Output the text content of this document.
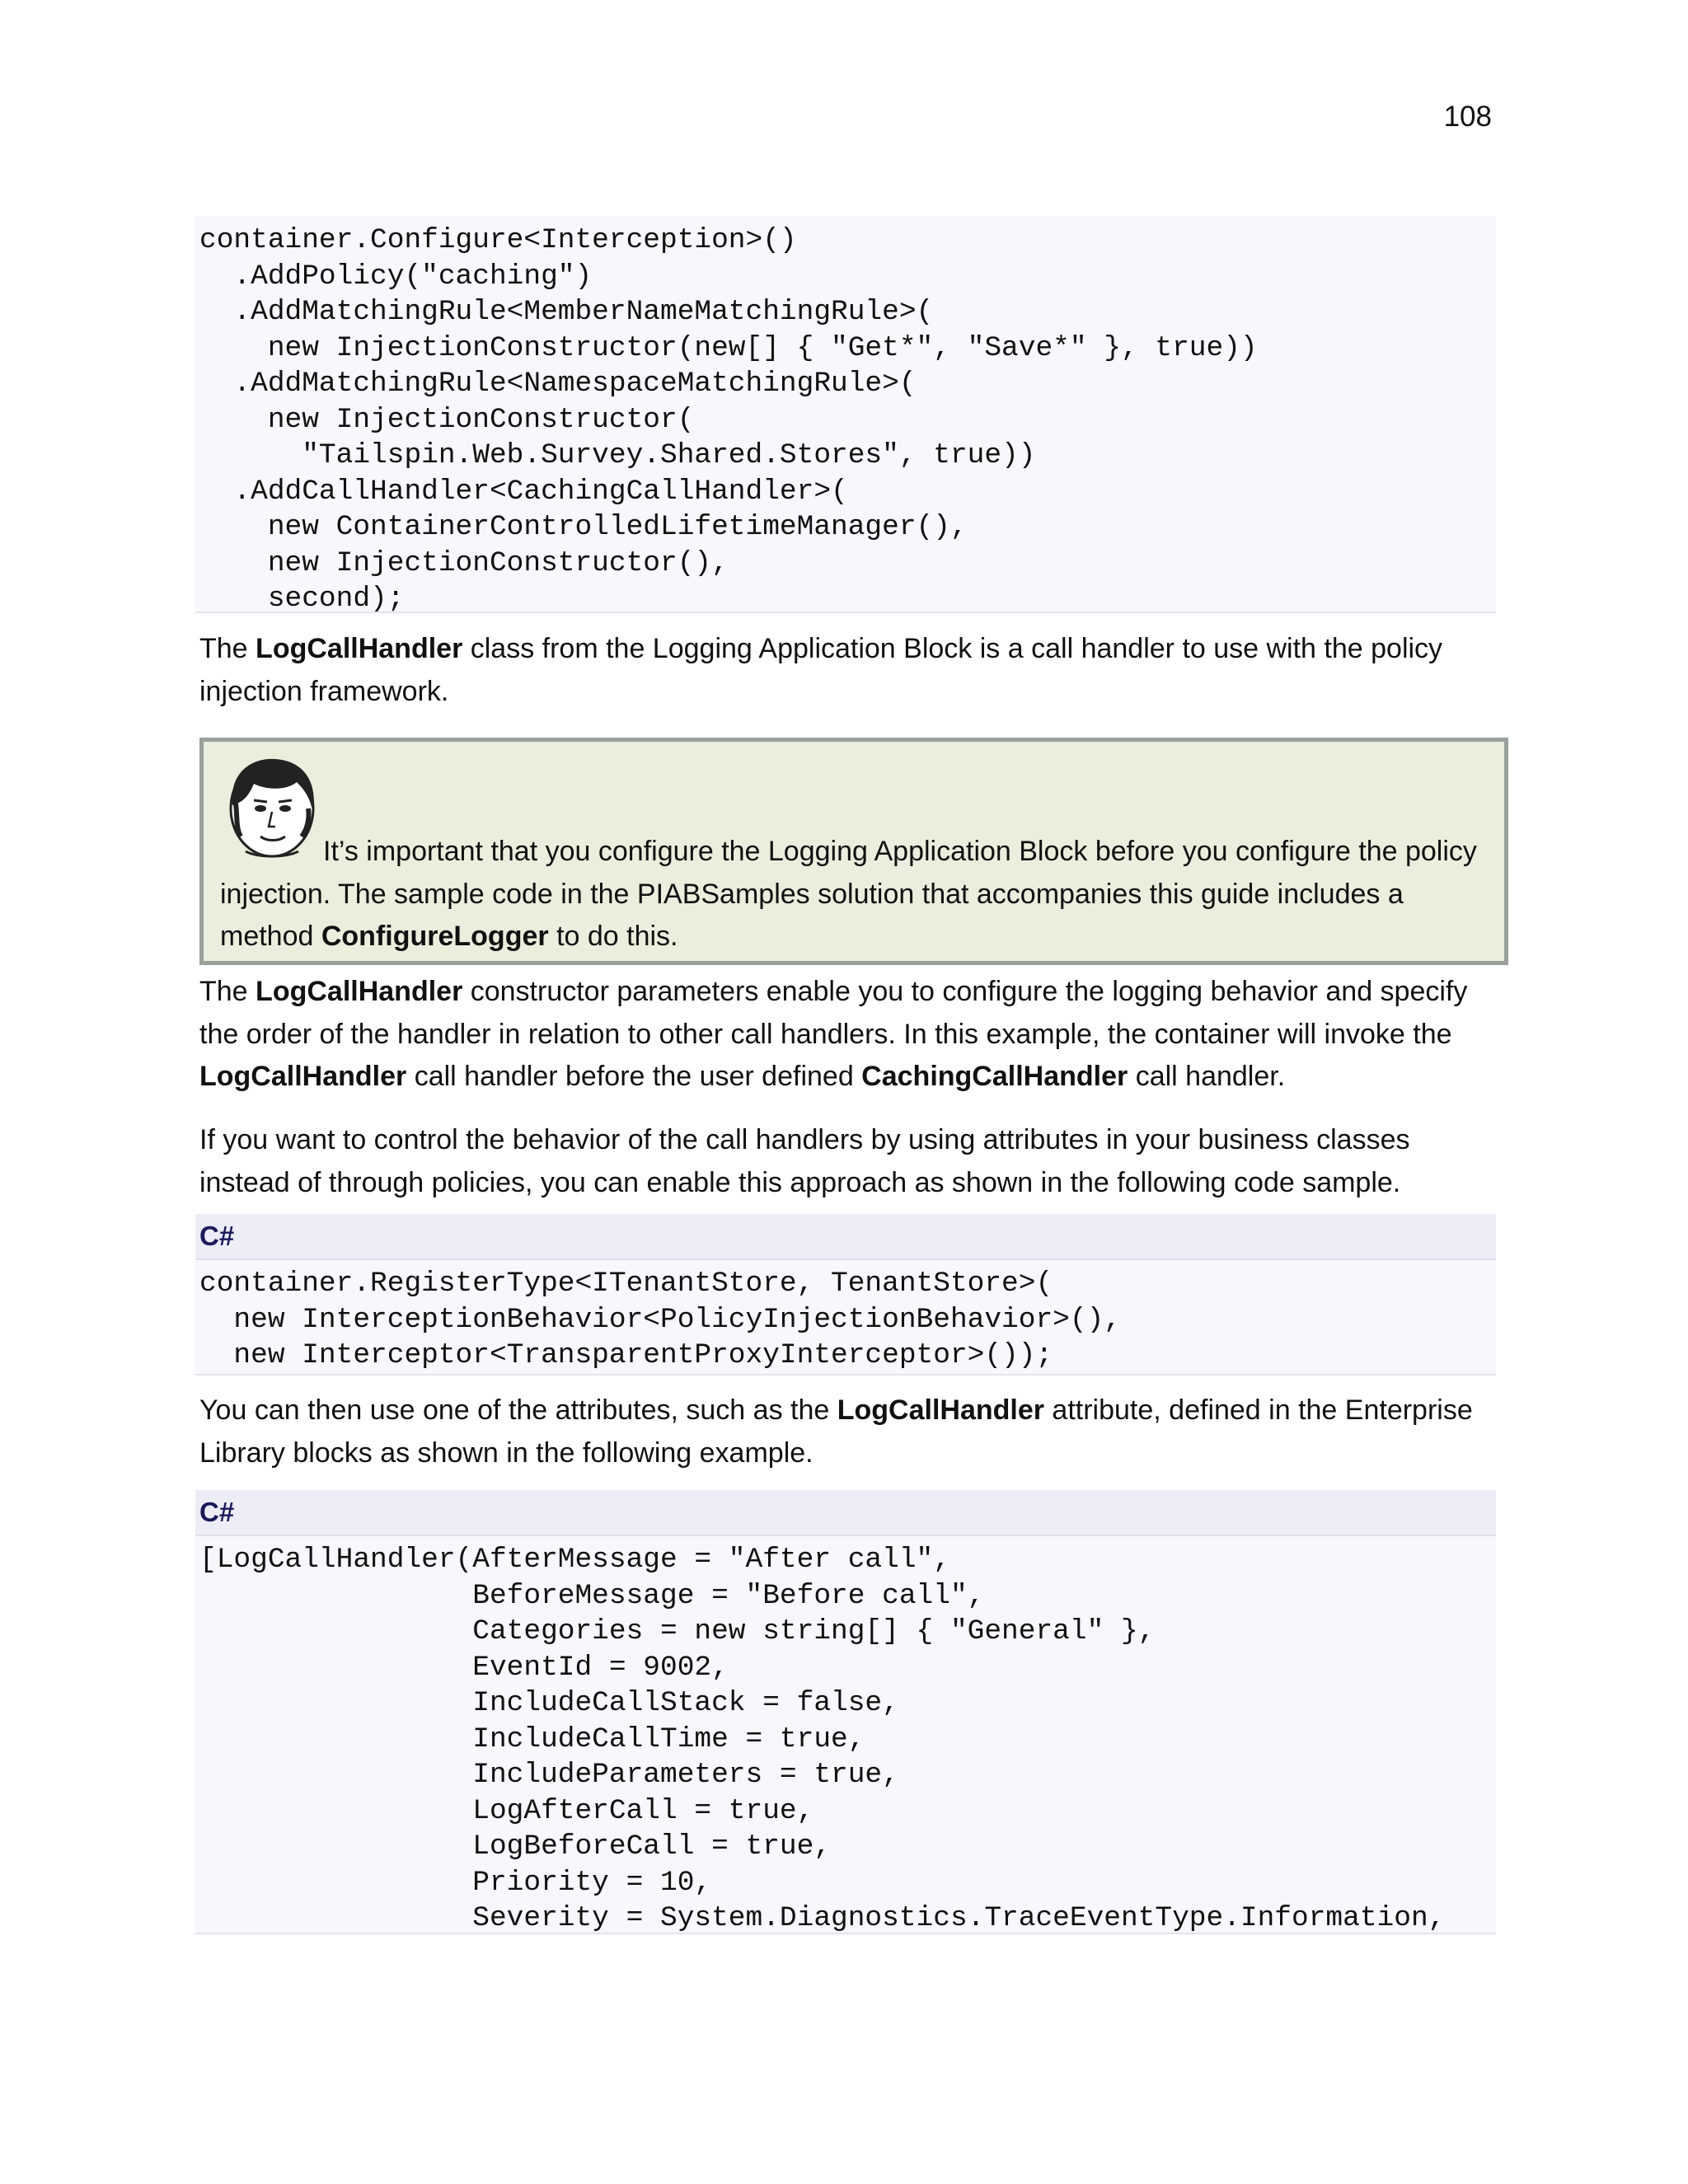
108
container.Configure<Interception>()
.AddPolicy("caching")
.AddMatchingRule<MemberNameMatchingRule>(
new InjectionConstructor(new[] { "Get*", "Save*" }, true))
.AddMatchingRule<NamespaceMatchingRule>(
new InjectionConstructor(
"Tailspin.Web.Survey.Shared.Stores", true))
.AddCallHandler<CachingCallHandler>(
new ContainerControlledLifetimeManager(),
new InjectionConstructor(),
second);

The LogCallHandler class from the Logging Application Block is a call handler to use with the policy injection framework.

It’s important that you configure the Logging Application Block before you configure the policy injection. The sample code in the PIABSamples solution that accompanies this guide includes a method ConfigureLogger to do this.

The LogCallHandler constructor parameters enable you to configure the logging behavior and specify the order of the handler in relation to other call handlers. In this example, the container will invoke the LogCallHandler call handler before the user defined CachingCallHandler call handler.

If you want to control the behavior of the call handlers by using attributes in your business classes instead of through policies, you can enable this approach as shown in the following code sample.

C#
container.RegisterType<ITenantStore, TenantStore>(
new InterceptionBehavior<PolicyInjectionBehavior>(),
new Interceptor<TransparentProxyInterceptor>());

You can then use one of the attributes, such as the LogCallHandler attribute, defined in the Enterprise Library blocks as shown in the following example.

C#
[LogCallHandler(AfterMessage = "After call",
BeforeMessage = "Before call",
Categories = new string[] { "General" },
EventId = 9002,
IncludeCallStack = false,
IncludeCallTime = true,
IncludeParameters = true,
LogAfterCall = true,
LogBeforeCall = true,
Priority = 10,
Severity = System.Diagnostics.TraceEventType.Information,
